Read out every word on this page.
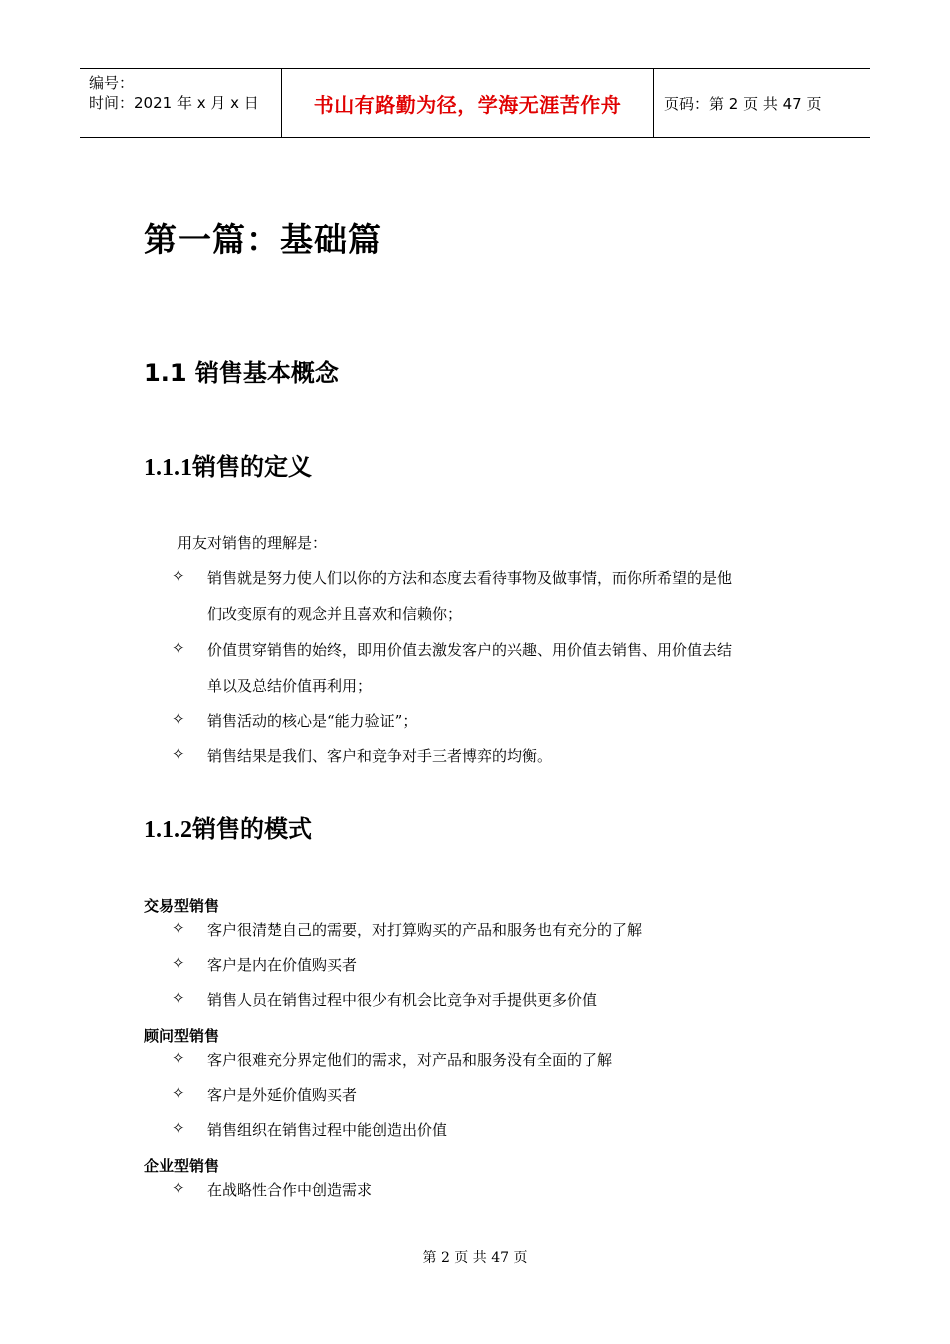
编号：
时间：2021 年 x 月 x 日	书山有路勤为径，学海无涯苦作舟	页码：第 2 页 共 47 页
第一篇：基础篇
1.1 销售基本概念
1.1.1销售的定义
用友对销售的理解是：
✧	销售就是努力使人们以你的方法和态度去看待事物及做事情，而你所希望的是他
们改变原有的观念并且喜欢和信赖你；
✧	价值贯穿销售的始终，即用价值去激发客户的兴趣、用价值去销售、用价值去结
单以及总结价值再利用；
✧	销售活动的核心是“能力验证”；
✧	销售结果是我们、客户和竞争对手三者博弈的均衡。
1.1.2销售的模式
交易型销售
✧	客户很清楚自己的需要，对打算购买的产品和服务也有充分的了解
✧	客户是内在价值购买者
✧	销售人员在销售过程中很少有机会比竞争对手提供更多价值
顾问型销售
✧	客户很难充分界定他们的需求，对产品和服务没有全面的了解
✧	客户是外延价值购买者
✧	销售组织在销售过程中能创造出价值
企业型销售
✧	在战略性合作中创造需求
第 2 页 共 47 页
